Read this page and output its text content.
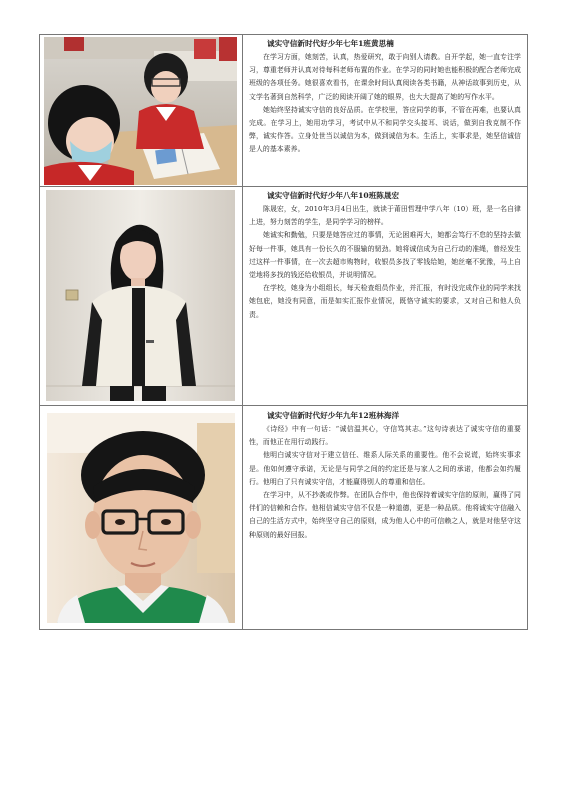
诚实守信新时代好少年七年1班黄思楠

在学习方面，她刻苦，认真，热爱研究，敢于向别人请教。自开学起，她一直专注学习，尊重老师并认真对待每科老师布置的作业。在学习的同时她也能积极的配合老师完成班级的各项任务。她很喜欢看书，在课余时间认真阅读各类书籍，从神话故事到历史，从文学名著到自然科学，广泛的阅读开阔了她的眼界，也大大提高了她的写作水平。

她始终坚持诚实守信的良好品质。在学校里，答应同学的事，不管在再难，也要认真完成。在学习上，她用功学习，考试中从不和同学交头接耳、说话，做到自我克制不作弊，诚实作答。立身处世当以诚信为本，做到诚信为本。生活上，实事求是，她坚信诚信是人的基本素养。

诚实守信新时代好少年八年10班陈晟宏

陈晟宏，女，2010年3月4日出生，就读于莆田哲理中学八年（10）班，是一名自律上进，努力刻苦的学生，是同学学习的榜样。

她诚实和勤勉，只要是她答应过的事情，无论困难再大，她都会笃行不怠的坚持去做好每一件事，她具有一份长久的不服输的韧劲。她将诚信成为自己行动的准绳，曾经发生过这样一件事情，在一次去超市购物时，收银员多找了零钱给她，她丝毫不犹豫，马上自觉地将多找的钱还给收银员，并说明情况。

在学校，她身为小组组长，每天检查组员作业，并汇报，有时没完成作业的同学来找她包庇，她没有同意，而是如实汇报作业情况，既恪守诚实的要求，又对自己和他人负责。

诚实守信新时代好少年九年12班林海洋

《诗经》中有一句话：“诚信温其心，守信笃其志。”这句诗表达了诚实守信的重要性，而他正在用行动践行。

他明白诚实守信对于建立信任、维系人际关系的重要性。他不会说谎，始终实事求是。他如何遵守承诺，无论是与同学之间的约定还是与家人之间的承诺，他都会如约履行。他明白了只有诚实守信，才能赢得别人的尊重和信任。

在学习中，从不抄袭或作弊。在团队合作中，他也保持着诚实守信的原则，赢得了同伴们的信赖和合作。他相信诚实守信不仅是一种道德，更是一种品质。他将诚实守信融入自己的生活方式中，始终坚守自己的原则，成为他人心中的可信赖之人，就是对他坚守这种原则的最好回报。
